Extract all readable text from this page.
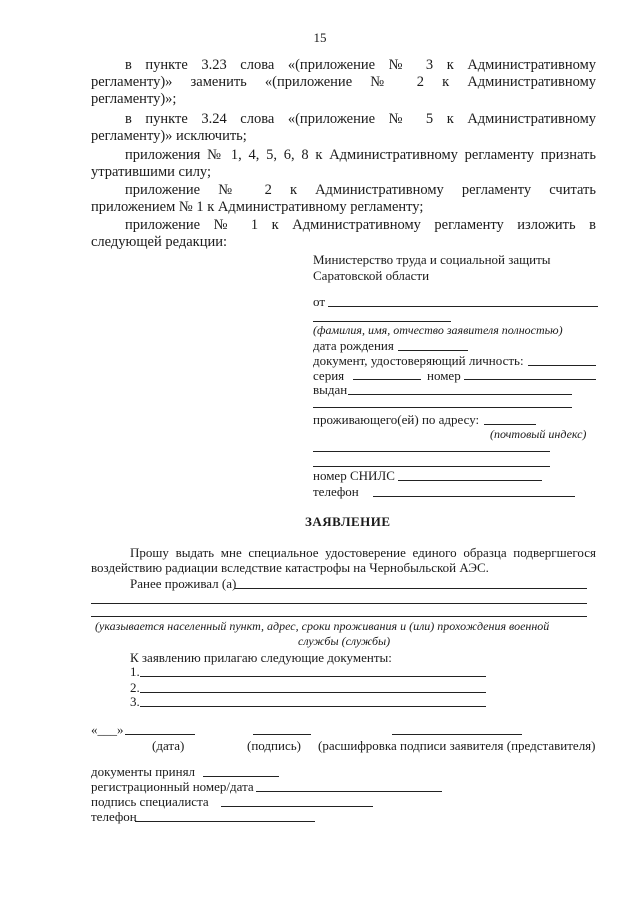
15
в пункте 3.23 слова «(приложение № 3 к Административному
регламенту)» заменить «(приложение № 2 к Административному
регламенту)»;
в пункте 3.24 слова «(приложение № 5 к Административному
регламенту)» исключить;
приложения № 1, 4, 5, 6, 8 к Административному регламенту признать
утратившими силу;
приложение № 2 к Административному регламенту считать
приложением № 1 к Административному регламенту;
приложение № 1 к Административному регламенту изложить в
следующей редакции:
Министерство труда и социальной защиты
Саратовской области
от
(фамилия, имя, отчество заявителя полностью)
дата рождения
документ, удостоверяющий личность:
серия	номер
выдан
проживающего(ей) по адресу:
(почтовый индекс)
номер СНИЛС
телефон
ЗАЯВЛЕНИЕ
Прошу выдать мне специальное удостоверение единого образца подвергшегося
воздействию радиации вследствие катастрофы на Чернобыльской АЭС.
Ранее проживал (а)
(указывается населенный пункт, адрес, сроки проживания и (или) прохождения военной
службы (службы)
К заявлению прилагаю следующие документы:
1.
2.
3.
«___»
(дата)	(подпись) (расшифровка подписи заявителя (представителя)
документы принял
регистрационный номер/дата
подпись специалиста
телефон
